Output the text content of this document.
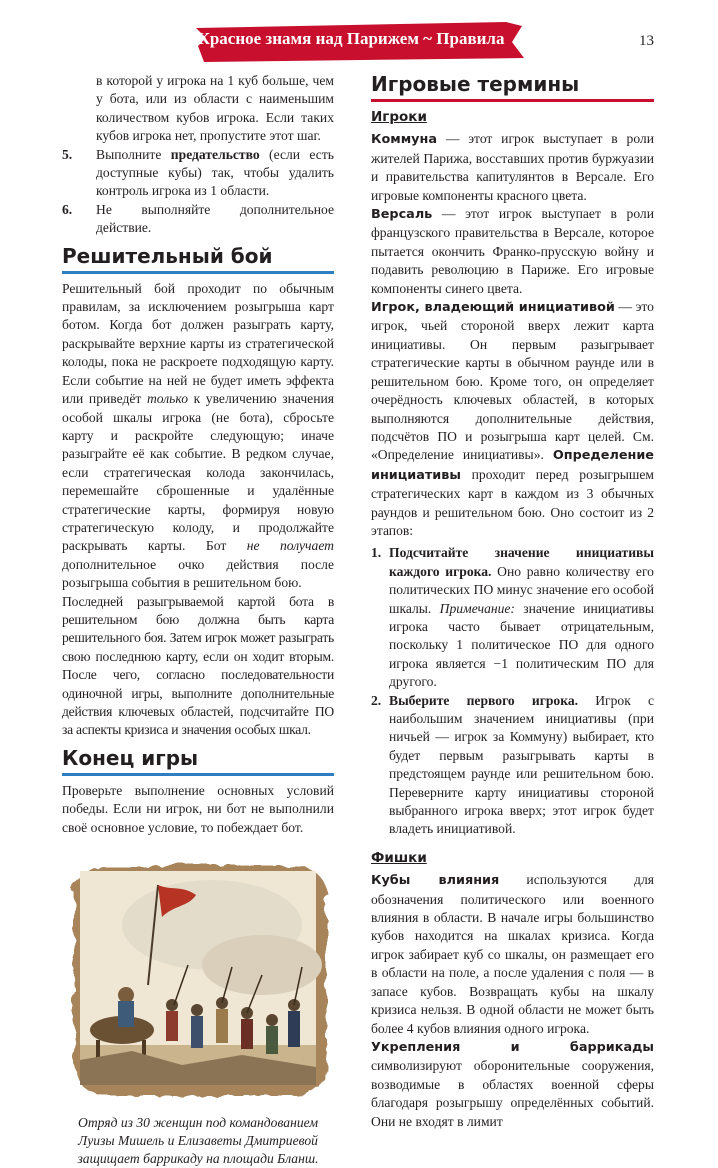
Красное знамя над Парижем ~ Правила	13

в которой у игрока на 1 куб больше, чем у бота, или из области с наименьшим количеством кубов игрока. Если таких кубов игрока нет, пропустите этот шаг.

5. Выполните предательство (если есть доступные кубы) так, чтобы удалить контроль игрока из 1 области.
6. Не выполняйте дополнительное действие.
Решительный бой

Решительный бой проходит по обычным правилам, за исключением розыгрыша карт ботом. Когда бот должен разыграть карту, раскрывайте верхние карты из стратегической колоды, пока не раскроете подходящую карту. Если событие на ней не будет иметь эффекта или приведёт только к увеличению значения особой шкалы игрока (не бота), сбросьте карту и раскройте следующую; иначе разыграйте её как событие. В редком случае, если стратегическая колода закончилась, перемешайте сброшенные и удалённые стратегические карты, формируя новую стратегическую колоду, и продолжайте раскрывать карты. Бот не получает дополнительное очко действия после розыгрыша события в решительном бою.

Последней разыгрываемой картой бота в решительном бою должна быть карта решительного боя. Затем игрок может разыграть свою последнюю карту, если он ходит вторым. После чего, согласно последовательности одиночной игры, выполните дополнительные действия ключевых областей, подсчитайте ПО за аспекты кризиса и значения особых шкал.

Конец игры

Проверьте выполнение основных условий победы. Если ни игрок, ни бот не выполнили своё основное условие, то побеждает бот.

Отряд из 30 женщин под командованием Луизы Мишель и Елизаветы Дмитриевой защищает баррикаду на площади Бланш.
Игровые термины
Игроки

Коммуна — этот игрок выступает в роли жителей Парижа, восставших против буржуазии и правительства капитулянтов в Версале. Его игровые компоненты красного цвета.

Версаль — этот игрок выступает в роли французского правительства в Версале, которое пытается окончить Франко-прусскую войну и подавить революцию в Париже. Его игровые компоненты синего цвета.

Игрок, владеющий инициативой — это игрок, чьей стороной вверх лежит карта инициативы. Он первым разыгрывает стратегические карты в обычном раунде или в решительном бою. Кроме того, он определяет очерёдность ключевых областей, в которых выполняются дополнительные действия, подсчётов ПО и розыгрыша карт целей. См. «Определение инициативы». Определение инициативы проходит перед розыгрышем стратегических карт в каждом из 3 обычных раундов и решительном бою. Оно состоит из 2 этапов:

1. Подсчитайте значение инициативы каждого игрока. Оно равно количеству его политических ПО минус значение его особой шкалы. Примечание: значение инициативы игрока часто бывает отрицательным, поскольку 1 политическое ПО для одного игрока является −1 политическим ПО для другого.
2. Выберите первого игрока. Игрок с наибольшим значением инициативы (при ничьей — игрок за Коммуну) выбирает, кто будет первым разыгрывать карты в предстоящем раунде или решительном бою. Переверните карту инициативы стороной выбранного игрока вверх; этот игрок будет владеть инициативой.
Фишки

Кубы влияния используются для обозначения политического или военного влияния в области. В начале игры большинство кубов находится на шкалах кризиса. Когда игрок забирает куб со шкалы, он размещает его в области на поле, а после удаления с поля — в запасе кубов. Возвращать кубы на шкалу кризиса нельзя. В одной области не может быть более 4 кубов влияния одного игрока.

Укрепления и баррикады символизируют оборонительные сооружения, возводимые в областях военной сферы благодаря розыгрышу определённых событий. Они не входят в лимит
